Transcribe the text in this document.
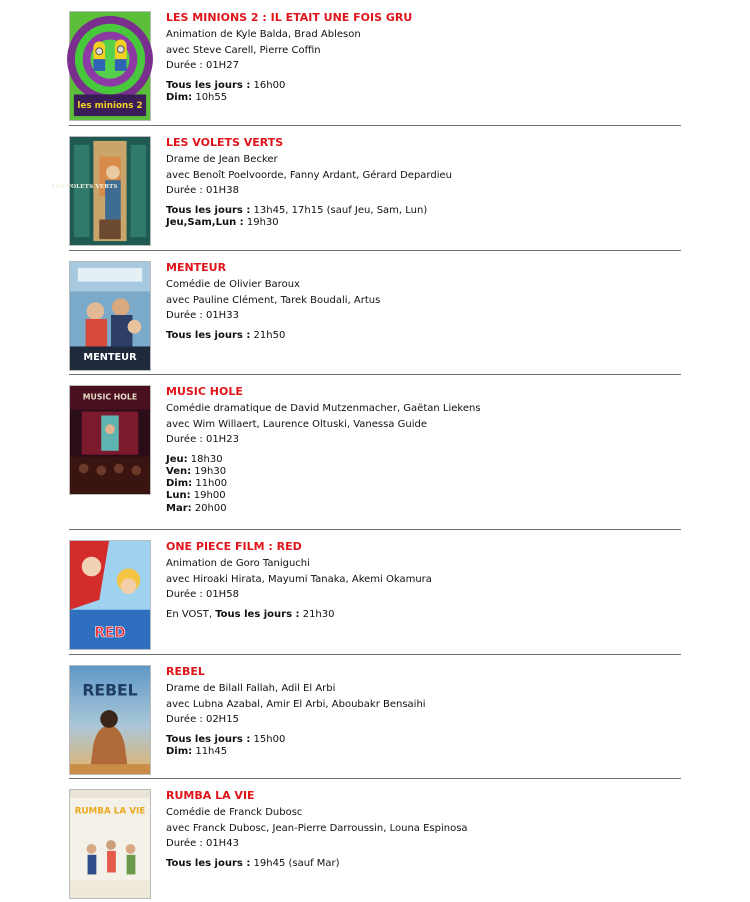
les minions 2
LES MINIONS 2 : IL ETAIT UNE FOIS GRU
Animation de Kyle Balda, Brad Ableson
avec Steve Carell, Pierre Coffin
Durée : 01H27
Tous les jours : 16h00
Dim: 10h55
LES VOLETS VERTS
LES VOLETS VERTS
Drame de Jean Becker
avec Benoît Poelvoorde, Fanny Ardant, Gérard Depardieu
Durée : 01H38
Tous les jours : 13h45, 17h15 (sauf Jeu, Sam, Lun)
Jeu,Sam,Lun : 19h30
MENTEUR
MENTEUR
Comédie de Olivier Baroux
avec Pauline Clément, Tarek Boudali, Artus
Durée : 01H33
Tous les jours : 21h50
MUSIC HOLE	MUSIC HOLE
Comédie dramatique de David Mutzenmacher, Gaëtan Liekens
avec Wim Willaert, Laurence Oltuski, Vanessa Guide
Durée : 01H23
Jeu: 18h30
Ven: 19h30
Dim: 11h00
Lun: 19h00
Mar: 20h00
RED
ONE PIECE FILM : RED
Animation de Goro Taniguchi
avec Hiroaki Hirata, Mayumi Tanaka, Akemi Okamura
Durée : 01H58
En VOST, Tous les jours : 21h30
REBEL
REBEL
Drame de Bilall Fallah, Adil El Arbi
avec Lubna Azabal, Amir El Arbi, Aboubakr Bensaihi
Durée : 02H15
Tous les jours : 15h00
Dim: 11h45
RUMBA LA VIE
RUMBA LA VIE
Comédie de Franck Dubosc
avec Franck Dubosc, Jean-Pierre Darroussin, Louna Espinosa
Durée : 01H43
Tous les jours : 19h45 (sauf Mar)
